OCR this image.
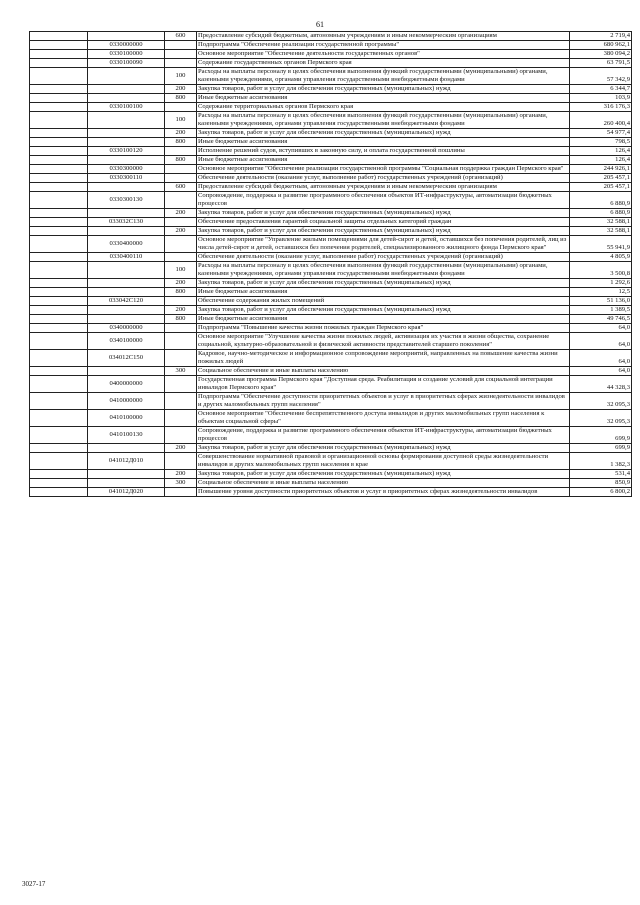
61
		600	Предоставление субсидий бюджетным, автономным учреждениям и иным некоммерческим организациям	2 719,4
	0330000000		Подпрограмма "Обеспечение реализации государственной программы"	680 962,1
	0330100000		Основное мероприятие "Обеспечение деятельности государственных органов"	380 094,2
	0330100090		Содержание государственных органов Пермского края	63 791,5
		100	Расходы на выплаты персоналу в целях обеспечения выполнения функций государственными (муниципальными) органами, казенными учреждениями, органами управления государственными внебюджетными фондами	57 342,9
		200	Закупка товаров, работ и услуг для обеспечения государственных (муниципальных) нужд	6 344,7
		800	Иные бюджетные ассигнования	103,9
	0330100100		Содержание территориальных органов Пермского края	316 176,3
		100	Расходы на выплаты персоналу в целях обеспечения выполнения функций государственными (муниципальными) органами, казенными учреждениями, органами управления государственными внебюджетными фондами	260 400,4
		200	Закупка товаров, работ и услуг для обеспечения государственных (муниципальных) нужд	54 977,4
		800	Иные бюджетные ассигнования	798,5
	0330100120		Исполнение решений судов, вступивших в законную силу, и оплата государственной пошлины	126,4
		800	Иные бюджетные ассигнования	126,4
	0330300000		Основное мероприятие "Обеспечение реализации государственной программы "Социальная поддержка граждан Пермского края"	244 926,1
	0330300110		Обеспечение деятельности (оказание услуг, выполнение работ) государственных учреждений (организаций)	205 457,1
		600	Предоставление субсидий бюджетным, автономным учреждениям и иным некоммерческим организациям	205 457,1
	0330300130		Сопровождение, поддержка и развитие программного обеспечения объектов ИТ-инфраструктуры, автоматизации бюджетных процессов	6 880,9
		200	Закупка товаров, работ и услуг для обеспечения государственных (муниципальных) нужд	6 880,9
	033032С130		Обеспечение предоставления гарантий социальной защиты отдельных категорий граждан	32 588,1
		200	Закупка товаров, работ и услуг для обеспечения государственных (муниципальных) нужд	32 588,1
	0330400000		Основное мероприятие "Управление жилыми помещениями для детей-сирот и детей, оставшихся без попечения родителей, лиц из числа детей-сирот и детей, оставшихся без попечения родителей, специализированного жилищного фонда Пермского края"	55 941,9
	0330400110		Обеспечение деятельности (оказание услуг, выполнение работ) государственных учреждений (организаций)	4 805,9
		100	Расходы на выплаты персоналу в целях обеспечения выполнения функций государственными (муниципальными) органами, казенными учреждениями, органами управления государственными внебюджетными фондами	3 500,8
		200	Закупка товаров, работ и услуг для обеспечения государственных (муниципальных) нужд	1 292,6
		800	Иные бюджетные ассигнования	12,5
	033042С120		Обеспечение содержания жилых помещений	51 136,0
		200	Закупка товаров, работ и услуг для обеспечения государственных (муниципальных) нужд	1 389,5
		800	Иные бюджетные ассигнования	49 746,5
	0340000000		Подпрограмма "Повышение качества жизни пожилых граждан Пермского края"	64,0
	0340100000		Основное мероприятие "Улучшение качества жизни пожилых людей, активизация их участия в жизни общества, сохранение социальной, культурно-образовательной и физической активности представителей старшего поколения"	64,0
	034012С150		Кадровое, научно-методическое и информационное сопровождение мероприятий, направленных на повышение качества жизни пожилых людей	64,0
		300	Социальное обеспечение и иные выплаты населению	64,0
	0400000000		Государственная программа Пермского края "Доступная среда. Реабилитация и создание условий для социальной интеграции инвалидов Пермского края"	44 328,3
	0410000000		Подпрограмма "Обеспечение доступности приоритетных объектов и услуг в приоритетных сферах жизнедеятельности инвалидов и других маломобильных групп населения"	32 095,3
	0410100000		Основное мероприятие "Обеспечение беспрепятственного доступа инвалидов и других маломобильных групп населения к объектам социальной сферы"	32 095,3
	0410100130		Сопровождение, поддержка и развитие программного обеспечения объектов ИТ-инфраструктуры, автоматизации бюджетных процессов	699,9
		200	Закупка товаров, работ и услуг для обеспечения государственных (муниципальных) нужд	699,9
	041012Д010		Совершенствование нормативной правовой и организационной основы формирования доступной среды жизнедеятельности инвалидов и других маломобильных групп населения в крае	1 382,3
		200	Закупка товаров, работ и услуг для обеспечения государственных (муниципальных) нужд	531,4
		300	Социальное обеспечение и иные выплаты населению	850,9
	041012Д020		Повышение уровня доступности приоритетных объектов и услуг в приоритетных сферах жизнедеятельности инвалидов	6 800,2
3027-17
